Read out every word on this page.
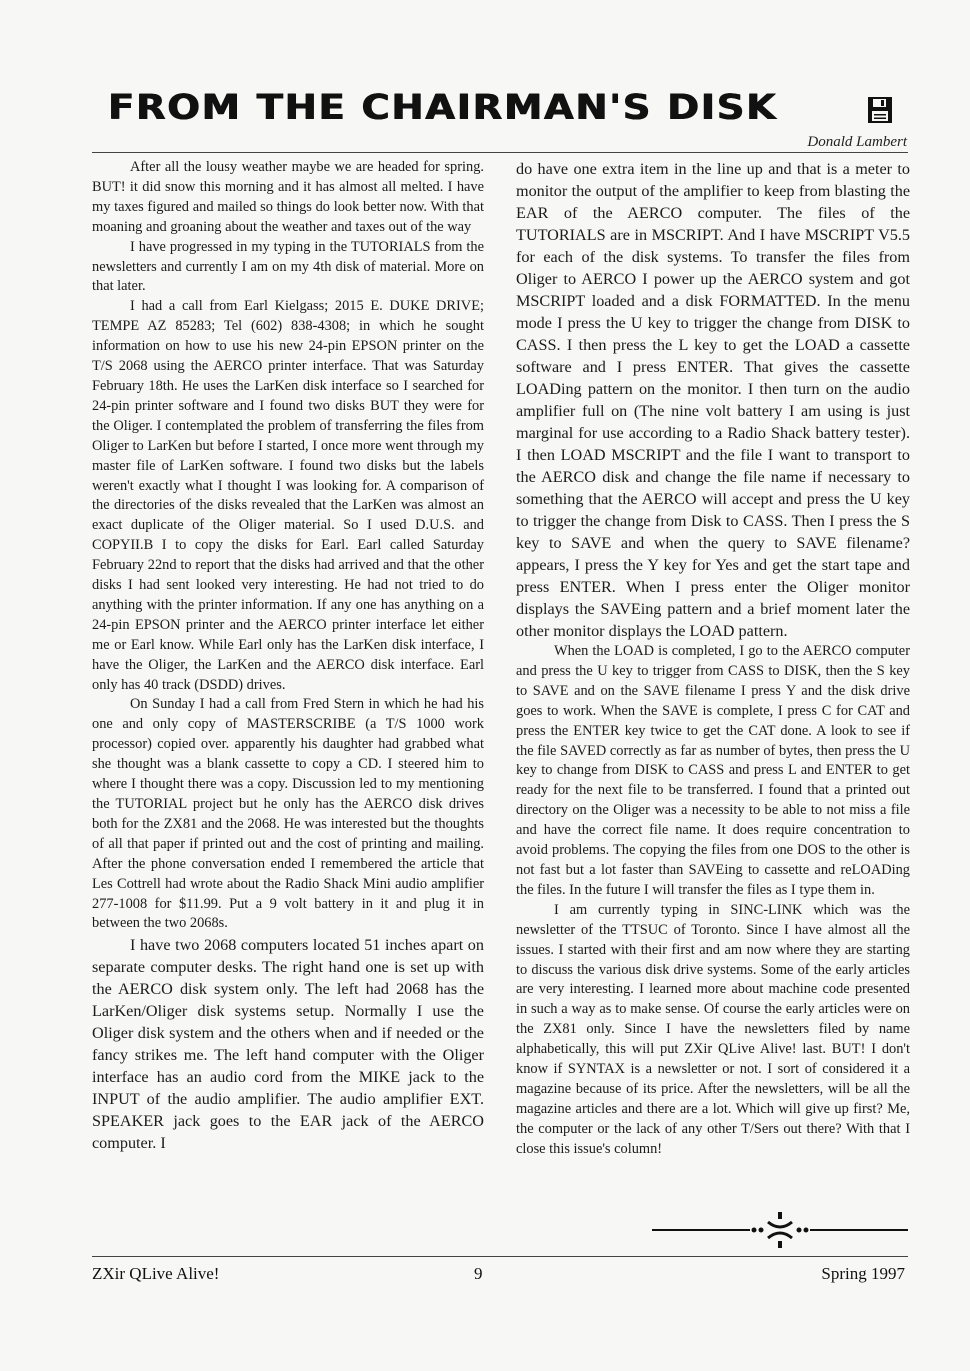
FROM THE CHAIRMAN'S DISK
Donald Lambert

After all the lousy weather maybe we are headed for spring. BUT! it did snow this morning and it has almost all melted. I have my taxes figured and mailed so things do look better now. With that moaning and groaning about the weather and taxes out of the way

I have progressed in my typing in the TUTORIALS from the newsletters and currently I am on my 4th disk of material. More on that later.

I had a call from Earl Kielgass; 2015 E. DUKE DRIVE; TEMPE AZ 85283; Tel (602) 838-4308; in which he sought information on how to use his new 24-pin EPSON printer on the T/S 2068 using the AERCO printer interface. That was Saturday February 18th. He uses the LarKen disk interface so I searched for 24-pin printer software and I found two disks BUT they were for the Oliger. I contemplated the problem of transferring the files from Oliger to LarKen but before I started, I once more went through my master file of LarKen software. I found two disks but the labels weren't exactly what I thought I was looking for. A comparison of the directories of the disks revealed that the LarKen was almost an exact duplicate of the Oliger material. So I used D.U.S. and COPYII.B I to copy the disks for Earl. Earl called Saturday February 22nd to report that the disks had arrived and that the other disks I had sent looked very interesting. He had not tried to do anything with the printer information. If any one has anything on a 24-pin EPSON printer and the AERCO printer interface let either me or Earl know. While Earl only has the LarKen disk interface, I have the Oliger, the LarKen and the AERCO disk interface. Earl only has 40 track (DSDD) drives.

On Sunday I had a call from Fred Stern in which he had his one and only copy of MASTERSCRIBE (a T/S 1000 work processor) copied over. apparently his daughter had grabbed what she thought was a blank cassette to copy a CD. I steered him to where I thought there was a copy. Discussion led to my mentioning the TUTORIAL project but he only has the AERCO disk drives both for the ZX81 and the 2068. He was interested but the thoughts of all that paper if printed out and the cost of printing and mailing. After the phone conversation ended I remembered the article that Les Cottrell had wrote about the Radio Shack Mini audio amplifier 277-1008 for $11.99. Put a 9 volt battery in it and plug it in between the two 2068s.

I have two 2068 computers located 51 inches apart on separate computer desks. The right hand one is set up with the AERCO disk system only. The left had 2068 has the LarKen/Oliger disk systems setup. Normally I use the Oliger disk system and the others when and if needed or the fancy strikes me. The left hand computer with the Oliger interface has an audio cord from the MIKE jack to the INPUT of the audio amplifier. The audio amplifier EXT. SPEAKER jack goes to the EAR jack of the AERCO computer. I

do have one extra item in the line up and that is a meter to monitor the output of the amplifier to keep from blasting the EAR of the AERCO computer. The files of the TUTORIALS are in MSCRIPT. And I have MSCRIPT V5.5 for each of the disk systems. To transfer the files from Oliger to AERCO I power up the AERCO system and got MSCRIPT loaded and a disk FORMATTED. In the menu mode I press the U key to trigger the change from DISK to CASS. I then press the L key to get the LOAD a cassette software and I press ENTER. That gives the cassette LOADing pattern on the monitor. I then turn on the audio amplifier full on (The nine volt battery I am using is just marginal for use according to a Radio Shack battery tester). I then LOAD MSCRIPT and the file I want to transport to the AERCO disk and change the file name if necessary to something that the AERCO will accept and press the U key to trigger the change from Disk to CASS. Then I press the S key to SAVE and when the query to SAVE filename? appears, I press the Y key for Yes and get the start tape and press ENTER. When I press enter the Oliger monitor displays the SAVEing pattern and a brief moment later the other monitor displays the LOAD pattern.

When the LOAD is completed, I go to the AERCO computer and press the U key to trigger from CASS to DISK, then the S key to SAVE and on the SAVE filename I press Y and the disk drive goes to work. When the SAVE is complete, I press C for CAT and press the ENTER key twice to get the CAT done. A look to see if the file SAVED correctly as far as number of bytes, then press the U key to change from DISK to CASS and press L and ENTER to get ready for the next file to be transferred. I found that a printed out directory on the Oliger was a necessity to be able to not miss a file and have the correct file name. It does require concentration to avoid problems. The copying the files from one DOS to the other is not fast but a lot faster than SAVEing to cassette and reLOADing the files. In the future I will transfer the files as I type them in.

I am currently typing in SINC-LINK which was the newsletter of the TTSUC of Toronto. Since I have almost all the issues. I started with their first and am now where they are starting to discuss the various disk drive systems. Some of the early articles are very interesting. I learned more about machine code presented in such a way as to make sense. Of course the early articles were on the ZX81 only. Since I have the newsletters filed by name alphabetically, this will put ZXir QLive Alive! last. BUT! I don't know if SYNTAX is a newsletter or not. I sort of considered it a magazine because of its price. After the newsletters, will be all the magazine articles and there are a lot. Which will give up first? Me, the computer or the lack of any other T/Sers out there? With that I close this issue's column!

ZXir QLive Alive!	9	Spring 1997
